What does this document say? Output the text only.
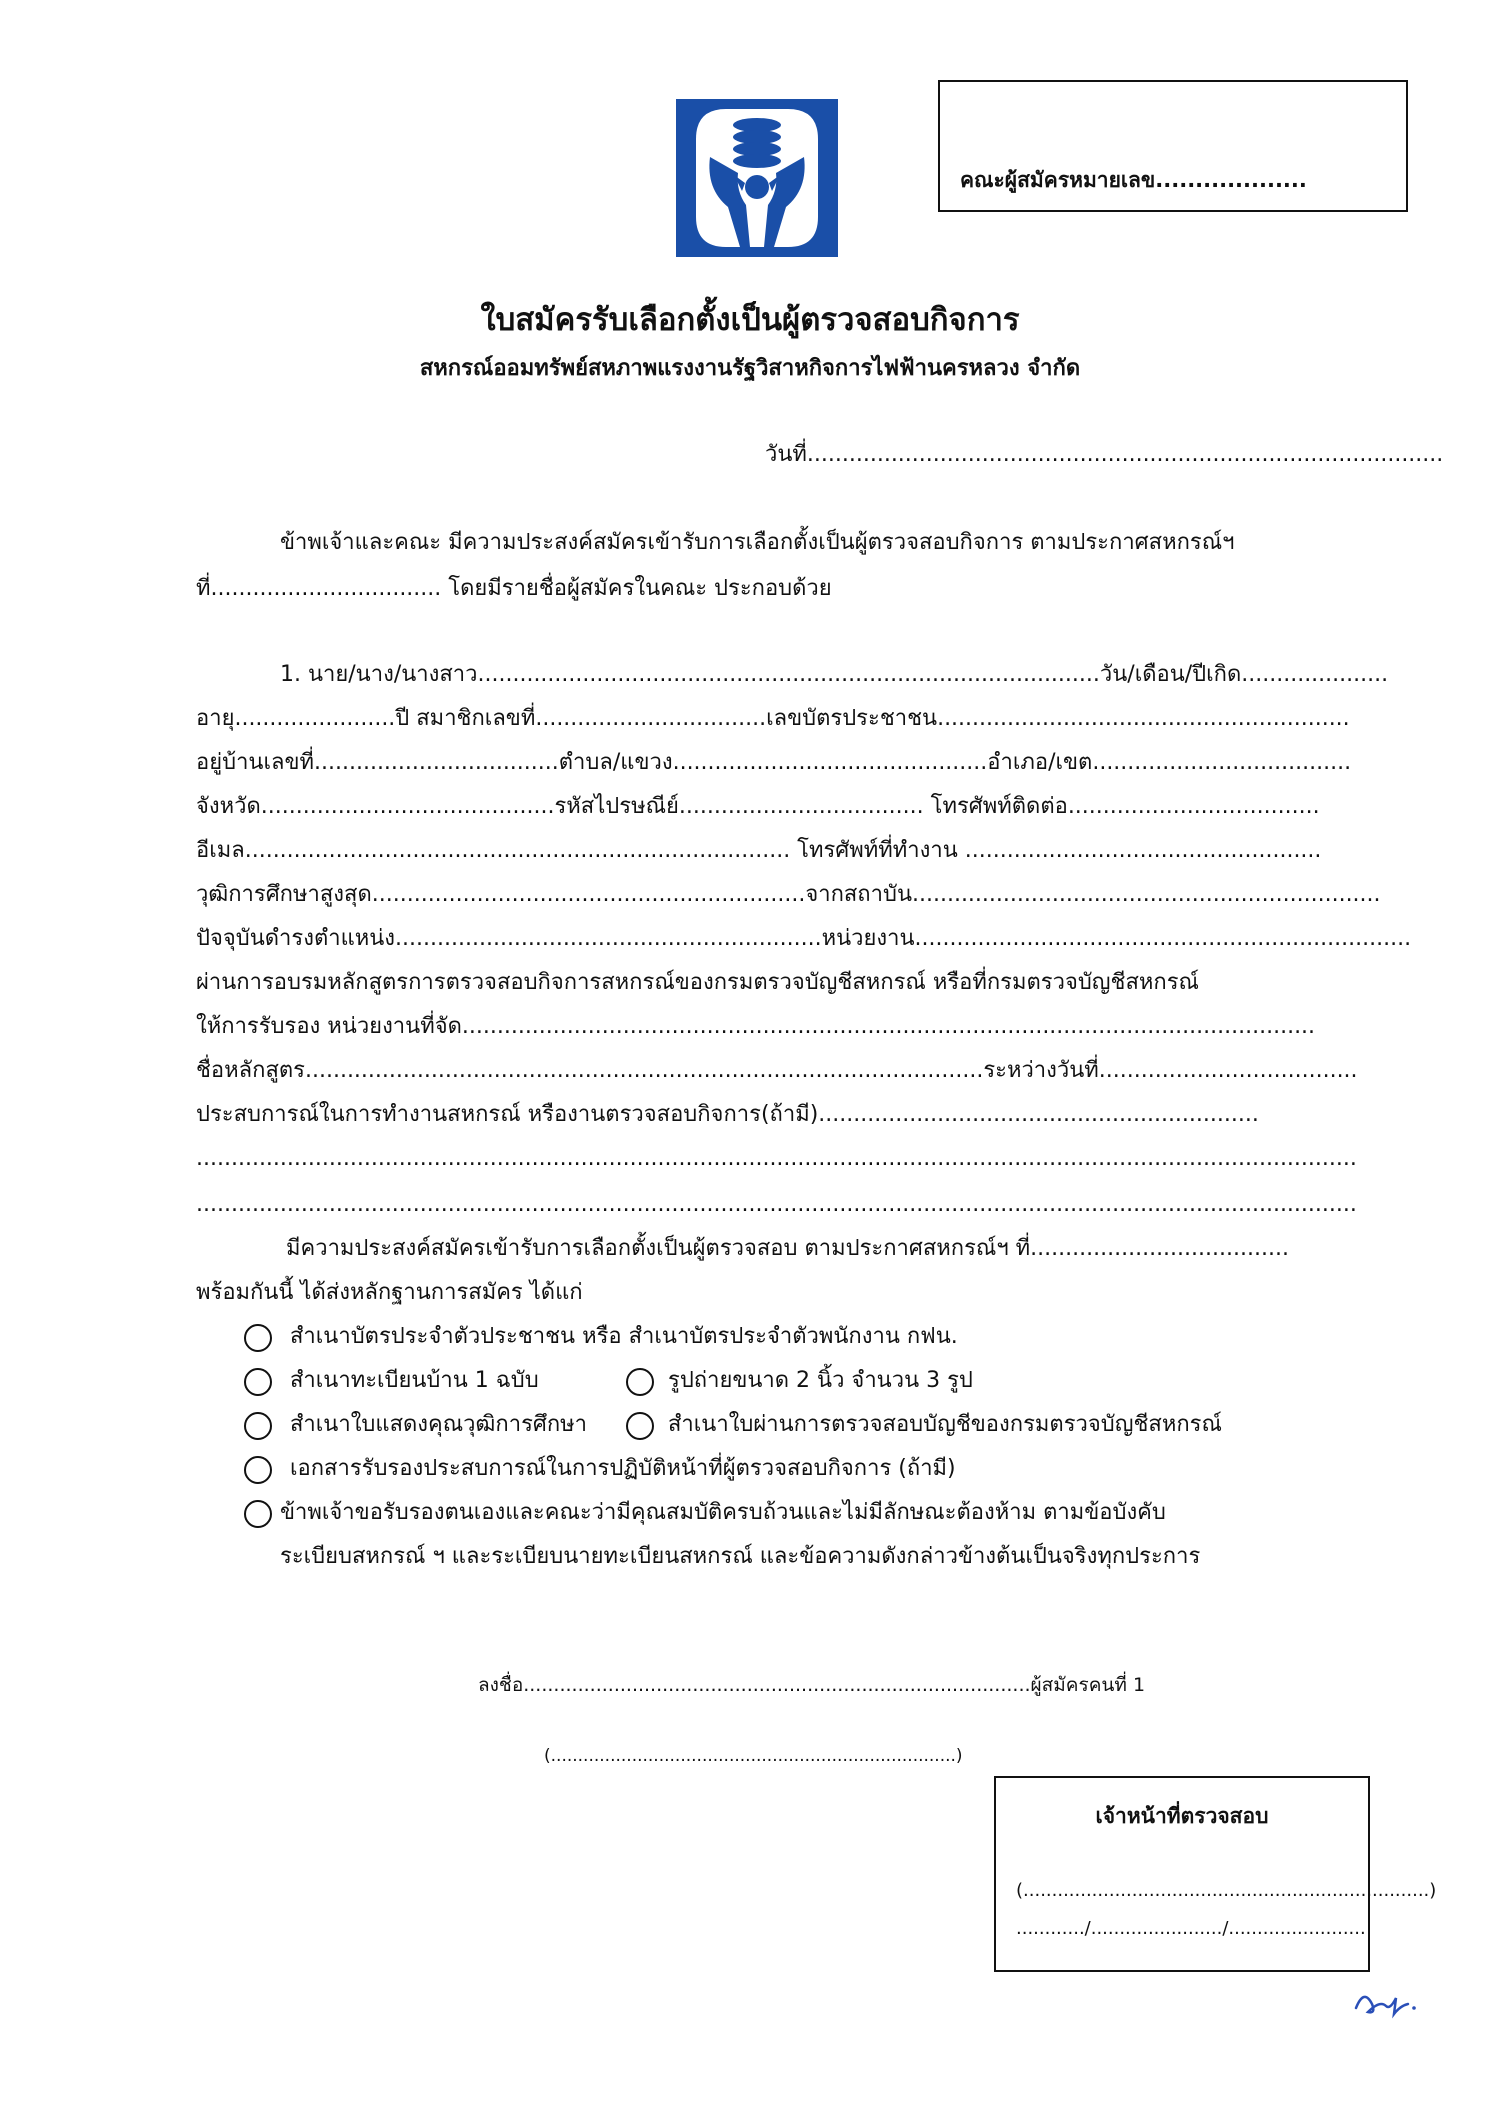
คณะผู้สมัครหมายเลข...................
ใบสมัครรับเลือกตั้งเป็นผู้ตรวจสอบกิจการ
สหกรณ์ออมทรัพย์สหภาพแรงงานรัฐวิสาหกิจการไฟฟ้านครหลวง จำกัด
วันที่...........................................................................................
ข้าพเจ้าและคณะ มีความประสงค์สมัครเข้ารับการเลือกตั้งเป็นผู้ตรวจสอบกิจการ ตามประกาศสหกรณ์ฯ
ที่................................. โดยมีรายชื่อผู้สมัครในคณะ ประกอบด้วย
1. นาย/นาง/นางสาว.........................................................................................วัน/เดือน/ปีเกิด.....................
อายุ.......................ปี สมาชิกเลขที่.................................เลขบัตรประชาชน...........................................................
อยู่บ้านเลขที่...................................ตำบล/แขวง.............................................อำเภอ/เขต.....................................
จังหวัด..........................................รหัสไปรษณีย์................................... โทรศัพท์ติดต่อ....................................
อีเมล.............................................................................. โทรศัพท์ที่ทำงาน ...................................................
วุฒิการศึกษาสูงสุด..............................................................จากสถาบัน...................................................................
ปัจจุบันดำรงตำแหน่ง.............................................................หน่วยงาน.......................................................................
ผ่านการอบรมหลักสูตรการตรวจสอบกิจการสหกรณ์ของกรมตรวจบัญชีสหกรณ์ หรือที่กรมตรวจบัญชีสหกรณ์
ให้การรับรอง หน่วยงานที่จัด..........................................................................................................................
ชื่อหลักสูตร.................................................................................................ระหว่างวันที่.....................................
ประสบการณ์ในการทำงานสหกรณ์ หรืองานตรวจสอบกิจการ(ถ้ามี)...............................................................
......................................................................................................................................................................
......................................................................................................................................................................
มีความประสงค์สมัครเข้ารับการเลือกตั้งเป็นผู้ตรวจสอบ ตามประกาศสหกรณ์ฯ ที่.....................................
พร้อมกันนี้ ได้ส่งหลักฐานการสมัคร ได้แก่
สำเนาบัตรประจำตัวประชาชน หรือ สำเนาบัตรประจำตัวพนักงาน กฟน.
สำเนาทะเบียนบ้าน 1 ฉบับ	รูปถ่ายขนาด 2 นิ้ว จำนวน 3 รูป
สำเนาใบแสดงคุณวุฒิการศึกษา	สำเนาใบผ่านการตรวจสอบบัญชีของกรมตรวจบัญชีสหกรณ์
เอกสารรับรองประสบการณ์ในการปฏิบัติหน้าที่ผู้ตรวจสอบกิจการ (ถ้ามี)
ข้าพเจ้าขอรับรองตนเองและคณะว่ามีคุณสมบัติครบถ้วนและไม่มีลักษณะต้องห้าม ตามข้อบังคับ
ระเบียบสหกรณ์ ฯ และระเบียบนายทะเบียนสหกรณ์ และข้อความดังกล่าวข้างต้นเป็นจริงทุกประการ
ลงชื่อ....................................................................................ผู้สมัครคนที่ 1
(...........................................................................)
เจ้าหน้าที่ตรวจสอบ
(.......................................................................)
............/......................./........................
